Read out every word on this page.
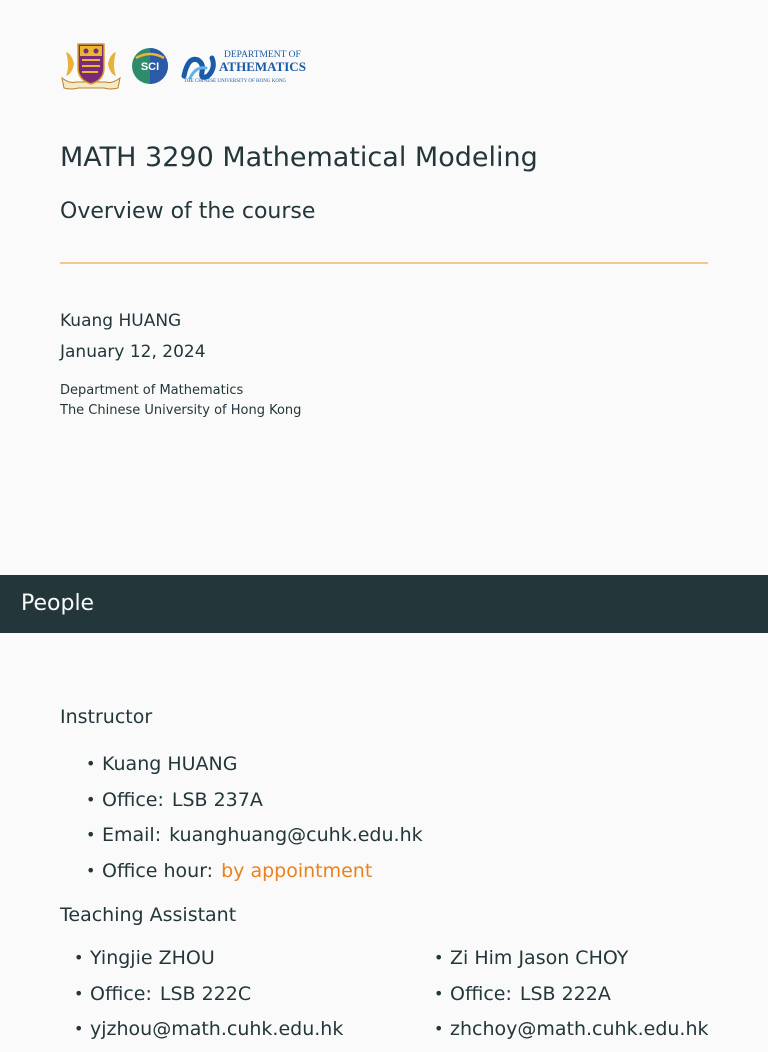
SCI
DEPARTMENT OF
ATHEMATICS
THE CHINESE UNIVERSITY OF HONG KONG
MATH 3290 Mathematical Modeling
Overview of the course
Kuang HUANG
January 12, 2024
Department of Mathematics
The Chinese University of Hong Kong
People
Instructor
• Kuang HUANG
• Office: LSB 237A
• Email: kuanghuang@cuhk.edu.hk
• Office hour: by appointment
Teaching Assistant
• Yingjie ZHOU
• Office: LSB 222C
• yjzhou@math.cuhk.edu.hk
• Zi Him Jason CHOY
• Office: LSB 222A
• zhchoy@math.cuhk.edu.hk
